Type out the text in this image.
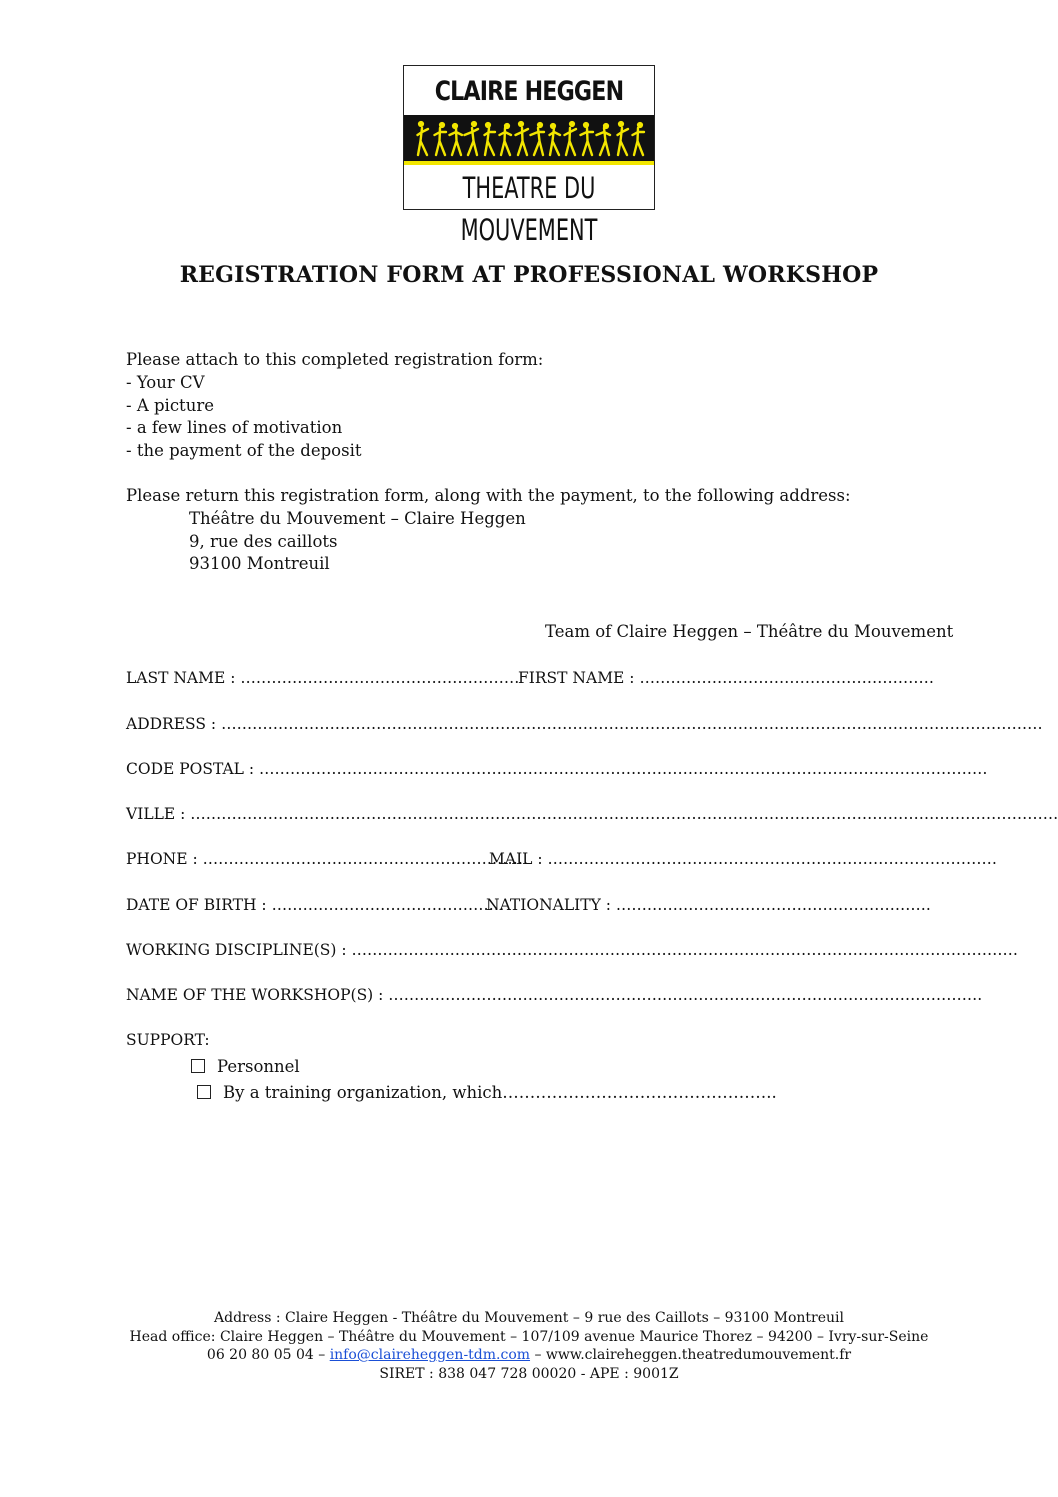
CLAIRE HEGGEN
THEATRE DU MOUVEMENT
REGISTRATION FORM AT PROFESSIONAL WORKSHOP
Please attach to this completed registration form:
- Your CV
- A picture
- a few lines of motivation
- the payment of the deposit
Please return this registration form, along with the payment, to the following address:
Théâtre du Mouvement – Claire Heggen
9, rue des caillots
93100 Montreuil
Team of Claire Heggen – Théâtre du Mouvement
LAST NAME : ………………………………………………
FIRST NAME : …………………………………………………
ADDRESS : ……………………………………………………………………………………………………………………………………………
CODE POSTAL : ……………………………………………………………………………………………………………………………
VILLE : ……………………………………………………………………………………………………………………………………………………
PHONE : ………………………………………………………
MAIL : ……………………………………………………………………………
DATE OF BIRTH : ………………………………………
NATIONALITY : …………………………………………………….
WORKING DISCIPLINE(S) : …………………………………………………………………………………………………………………
NAME OF THE WORKSHOP(S) : …………………………………………………………………………………………………….
SUPPORT:
Personnel
By a training organization, which…………………………………………..
Address : Claire Heggen - Théâtre du Mouvement – 9 rue des Caillots – 93100 Montreuil
Head office: Claire Heggen – Théâtre du Mouvement – 107/109 avenue Maurice Thorez – 94200 – Ivry-sur-Seine
06 20 80 05 04 – info@claireheggen-tdm.com – www.claireheggen.theatredumouvement.fr
SIRET : 838 047 728 00020 - APE : 9001Z
